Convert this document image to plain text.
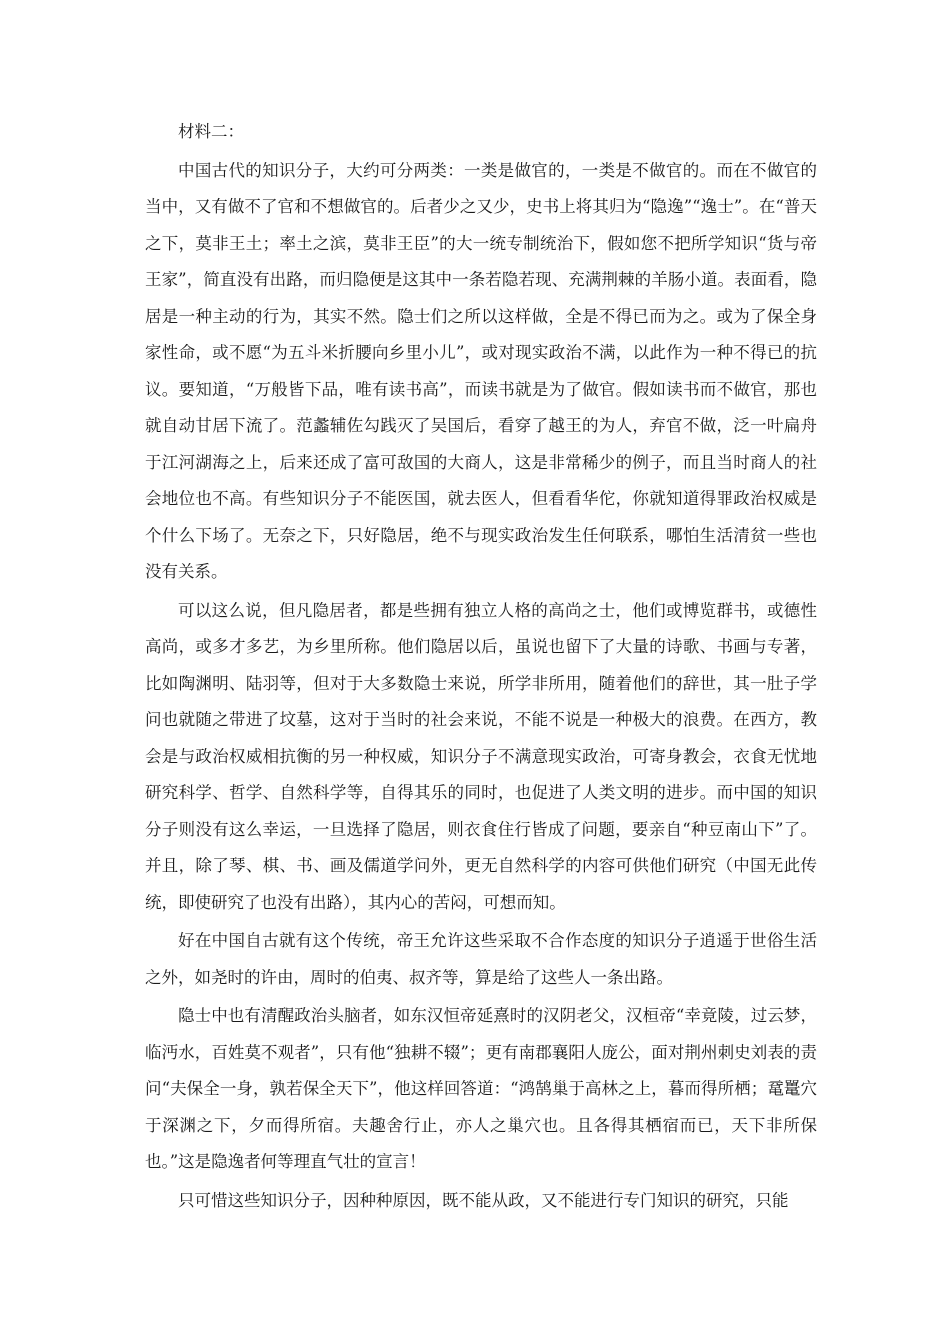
材料二：

中国古代的知识分子，大约可分两类：一类是做官的，一类是不做官的。而在不做官的当中，又有做不了官和不想做官的。后者少之又少，史书上将其归为“隐逸”“逸士”。在“普天之下，莫非王土；率土之滨，莫非王臣”的大一统专制统治下，假如您不把所学知识“货与帝王家”，简直没有出路，而归隐便是这其中一条若隐若现、充满荆棘的羊肠小道。表面看，隐居是一种主动的行为，其实不然。隐士们之所以这样做，全是不得已而为之。或为了保全身家性命，或不愿“为五斗米折腰向乡里小儿”，或对现实政治不满，以此作为一种不得已的抗议。要知道，“万般皆下品，唯有读书高”，而读书就是为了做官。假如读书而不做官，那也就自动甘居下流了。范蠡辅佐勾践灭了吴国后，看穿了越王的为人，弃官不做，泛一叶扁舟于江河湖海之上，后来还成了富可敌国的大商人，这是非常稀少的例子，而且当时商人的社会地位也不高。有些知识分子不能医国，就去医人，但看看华佗，你就知道得罪政治权威是个什么下场了。无奈之下，只好隐居，绝不与现实政治发生任何联系，哪怕生活清贫一些也没有关系。

可以这么说，但凡隐居者，都是些拥有独立人格的高尚之士，他们或博览群书，或德性高尚，或多才多艺，为乡里所称。他们隐居以后，虽说也留下了大量的诗歌、书画与专著，比如陶渊明、陆羽等，但对于大多数隐士来说，所学非所用，随着他们的辞世，其一肚子学问也就随之带进了坟墓，这对于当时的社会来说，不能不说是一种极大的浪费。在西方，教会是与政治权威相抗衡的另一种权威，知识分子不满意现实政治，可寄身教会，衣食无忧地研究科学、哲学、自然科学等，自得其乐的同时，也促进了人类文明的进步。而中国的知识分子则没有这么幸运，一旦选择了隐居，则衣食住行皆成了问题，要亲自“种豆南山下”了。并且，除了琴、棋、书、画及儒道学问外，更无自然科学的内容可供他们研究（中国无此传统，即使研究了也没有出路），其内心的苦闷，可想而知。

好在中国自古就有这个传统，帝王允许这些采取不合作态度的知识分子逍遥于世俗生活之外，如尧时的许由，周时的伯夷、叔齐等，算是给了这些人一条出路。

隐士中也有清醒政治头脑者，如东汉恒帝延熹时的汉阴老父，汉桓帝“幸竟陵，过云梦，临沔水，百姓莫不观者”，只有他“独耕不辍”；更有南郡襄阳人庞公，面对荆州刺史刘表的责问“夫保全一身，孰若保全天下”，他这样回答道：“鸿鹄巢于高林之上，暮而得所栖；鼋鼍穴于深渊之下，夕而得所宿。夫趣舍行止，亦人之巢穴也。且各得其栖宿而已，天下非所保也。”这是隐逸者何等理直气壮的宣言！

只可惜这些知识分子，因种种原因，既不能从政，又不能进行专门知识的研究，只能
